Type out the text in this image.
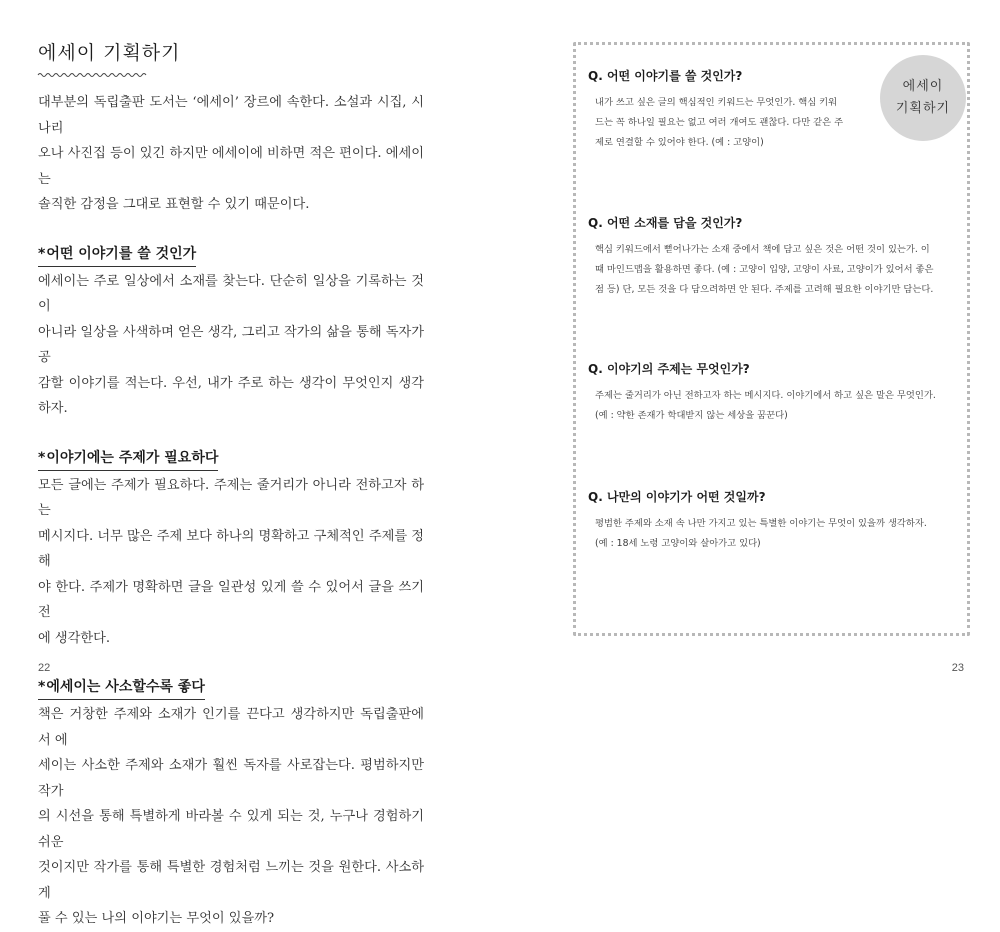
에세이 기획하기
대부분의 독립출판 도서는 ‘에세이’ 장르에 속한다. 소설과 시집, 시나리
오나 사진집 등이 있긴 하지만 에세이에 비하면 적은 편이다. 에세이는
솔직한 감정을 그대로 표현할 수 있기 때문이다.
*어떤 이야기를 쓸 것인가
에세이는 주로 일상에서 소재를 찾는다. 단순히 일상을 기록하는 것이
아니라 일상을 사색하며 얻은 생각, 그리고 작가의 삶을 통해 독자가 공
감할 이야기를 적는다. 우선, 내가 주로 하는 생각이 무엇인지 생각하자.
*이야기에는 주제가 필요하다
모든 글에는 주제가 필요하다. 주제는 줄거리가 아니라 전하고자 하는
메시지다. 너무 많은 주제 보다 하나의 명확하고 구체적인 주제를 정해
야 한다. 주제가 명확하면 글을 일관성 있게 쓸 수 있어서 글을 쓰기 전
에 생각한다.
*에세이는 사소할수록 좋다
책은 거창한 주제와 소재가 인기를 끈다고 생각하지만 독립출판에서 에
세이는 사소한 주제와 소재가 훨씬 독자를 사로잡는다. 평범하지만 작가
의 시선을 통해 특별하게 바라볼 수 있게 되는 것, 누구나 경험하기 쉬운
것이지만 작가를 통해 특별한 경험처럼 느끼는 것을 원한다. 사소하게
풀 수 있는 나의 이야기는 무엇이 있을까?
22
에세이
기획하기
Q. 어떤 이야기를 쓸 것인가?
내가 쓰고 싶은 글의 핵심적인 키워드는 무엇인가. 핵심 키워
드는 꼭 하나일 필요는 없고 여러 개여도 괜찮다. 다만 같은 주
제로 연결할 수 있어야 한다. (예 : 고양이)
Q. 어떤 소재를 담을 것인가?
핵심 키워드에서 뻗어나가는 소재 중에서 책에 담고 싶은 것은 어떤 것이 있는가. 이
때 마인드맵을 활용하면 좋다. (예 : 고양이 입양, 고양이 사료, 고양이가 있어서 좋은
점 등) 단, 모든 것을 다 담으려하면 안 된다. 주제를 고려해 필요한 이야기만 담는다.
Q. 이야기의 주제는 무엇인가?
주제는 줄거리가 아닌 전하고자 하는 메시지다. 이야기에서 하고 싶은 말은 무엇인가.
(예 : 약한 존재가 학대받지 않는 세상을 꿈꾼다)
Q. 나만의 이야기가 어떤 것일까?
평범한 주제와 소재 속 나만 가지고 있는 특별한 이야기는 무엇이 있을까 생각하자.
(예 : 18세 노령 고양이와 살아가고 있다)
23
